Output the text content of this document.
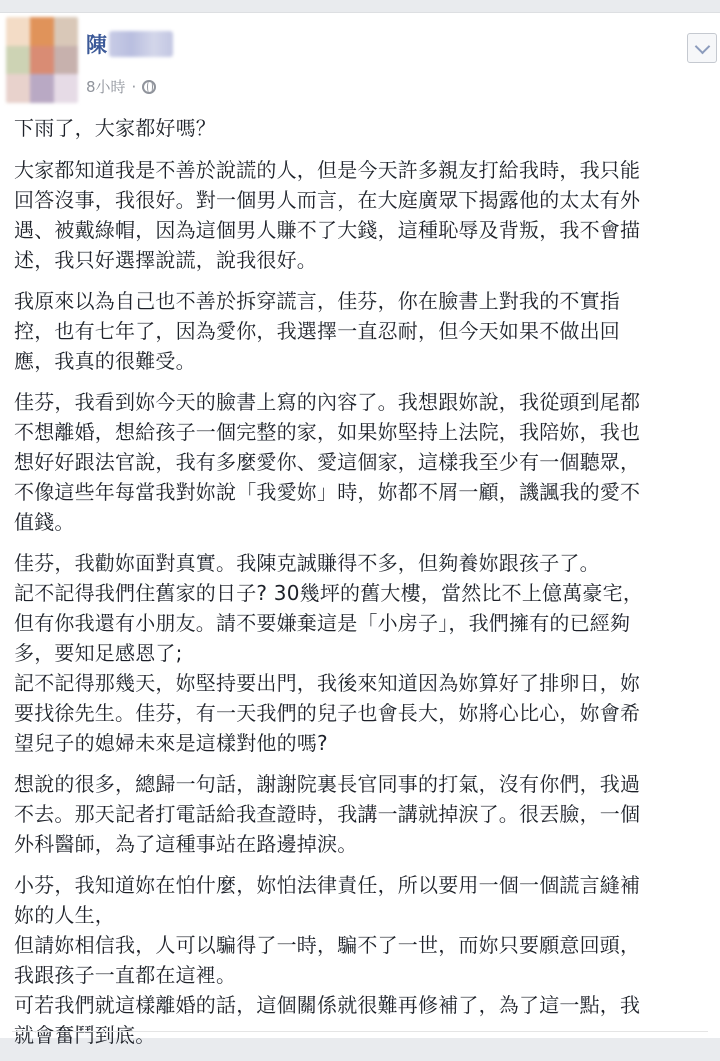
陳
8小時 ·

下雨了，大家都好嗎？

大家都知道我是不善於說謊的人，但是今天許多親友打給我時，我只能
回答沒事，我很好。對一個男人而言，在大庭廣眾下揭露他的太太有外
遇、被戴綠帽，因為這個男人賺不了大錢，這種恥辱及背叛，我不會描
述，我只好選擇說謊，說我很好。

我原來以為自己也不善於拆穿謊言，佳芬，你在臉書上對我的不實指
控，也有七年了，因為愛你，我選擇一直忍耐，但今天如果不做出回
應，我真的很難受。

佳芬，我看到妳今天的臉書上寫的內容了。我想跟妳說，我從頭到尾都
不想離婚，想給孩子一個完整的家，如果妳堅持上法院，我陪妳，我也
想好好跟法官說，我有多麼愛你、愛這個家，這樣我至少有一個聽眾，
不像這些年每當我對妳說「我愛妳」時，妳都不屑一顧，譏諷我的愛不
值錢。

佳芬，我勸妳面對真實。我陳克誠賺得不多，但夠養妳跟孩子了。
記不記得我們住舊家的日子? 30幾坪的舊大樓，當然比不上億萬豪宅，
但有你我還有小朋友。請不要嫌棄這是「小房子」，我們擁有的已經夠
多，要知足感恩了;
記不記得那幾天，妳堅持要出門，我後來知道因為妳算好了排卵日，妳
要找徐先生。佳芬，有一天我們的兒子也會長大，妳將心比心，妳會希
望兒子的媳婦未來是這樣對他的嗎?

想說的很多，總歸一句話，謝謝院裏長官同事的打氣，沒有你們，我過
不去。那天記者打電話給我查證時，我講一講就掉淚了。很丟臉，一個
外科醫師，為了這種事站在路邊掉淚。

小芬，我知道妳在怕什麼，妳怕法律責任，所以要用一個一個謊言縫補
妳的人生，
但請妳相信我，人可以騙得了一時，騙不了一世，而妳只要願意回頭，
我跟孩子一直都在這裡。
可若我們就這樣離婚的話，這個關係就很難再修補了，為了這一點，我
就會奮鬥到底。
